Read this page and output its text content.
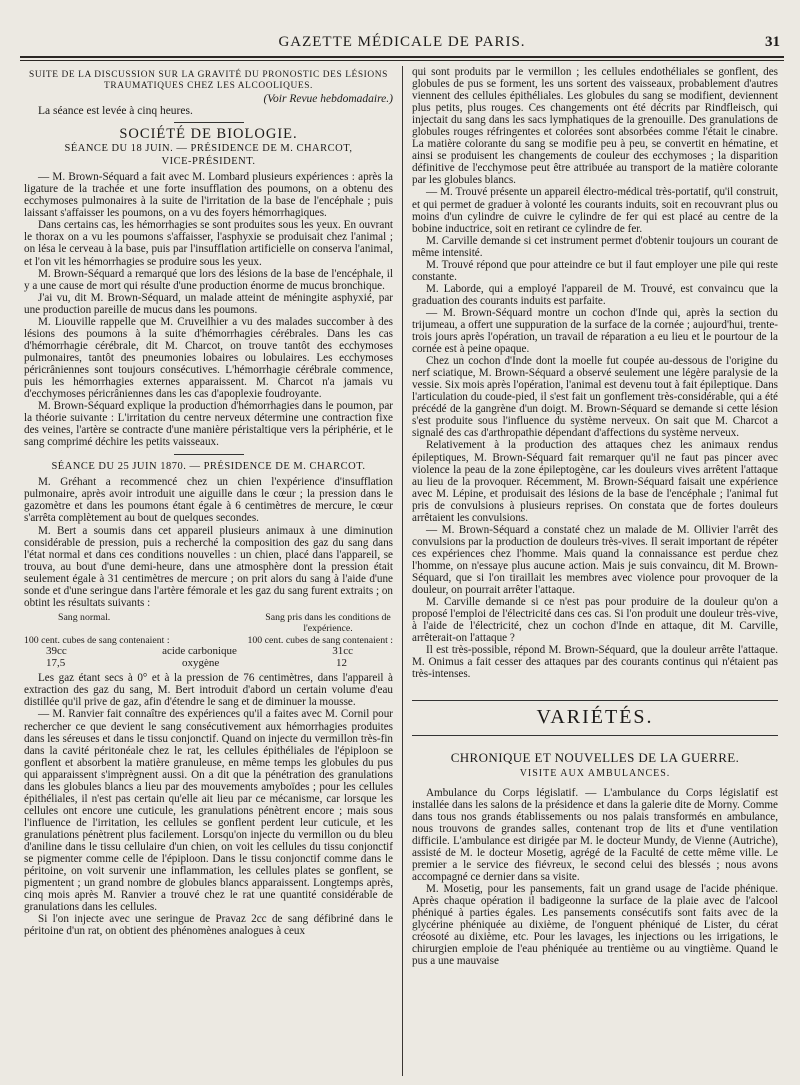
GAZETTE MÉDICALE DE PARIS.	31

SUITE DE LA DISCUSSION SUR LA GRAVITÉ DU PRONOSTIC DES LÉSIONS

TRAUMATIQUES CHEZ LES ALCOOLIQUES.

(Voir Revue hebdomadaire.)

La séance est levée à cinq heures.

SOCIÉTÉ DE BIOLOGIE.

SÉANCE DU 18 JUIN. — PRÉSIDENCE DE M. CHARCOT,

VICE-PRÉSIDENT.

— M. Brown-Séquard a fait avec M. Lombard plusieurs expériences : après la ligature de la trachée et une forte insufflation des poumons, on a obtenu des ecchymoses pulmonaires à la suite de l'irritation de la base de l'encéphale ; puis laissant s'affaisser les poumons, on a vu des foyers hémorrhagiques.

Dans certains cas, les hémorrhagies se sont produites sous les yeux. En ouvrant le thorax on a vu les poumons s'affaisser, l'asphyxie se produisait chez l'animal ; on lésa le cerveau à la base, puis par l'insufflation artificielle on conserva l'animal, et l'on vit les hémorrhagies se produire sous les yeux.

M. Brown-Séquard a remarqué que lors des lésions de la base de l'encéphale, il y a une cause de mort qui résulte d'une production énorme de mucus bronchique.

J'ai vu, dit M. Brown-Séquard, un malade atteint de méningite asphyxié, par une production pareille de mucus dans les poumons.

M. Liouville rappelle que M. Cruveilhier a vu des malades succomber à des lésions des poumons à la suite d'hémorrhagies cérébrales. Dans les cas d'hémorrhagie cérébrale, dit M. Charcot, on trouve tantôt des ecchymoses pulmonaires, tantôt des pneumonies lobaires ou lobulaires. Les ecchymoses péricrâniennes sont toujours consécutives. L'hémorrhagie cérébrale commence, puis les hémorrhagies externes apparaissent. M. Charcot n'a jamais vu d'ecchymoses péricrâniennes dans les cas d'apoplexie foudroyante.

M. Brown-Séquard explique la production d'hémorrhagies dans le poumon, par la théorie suivante : L'irritation du centre nerveux détermine une contraction fixe des veines, l'artère se contracte d'une manière péristaltique vers la périphérie, et le sang comprimé déchire les petits vaisseaux.

SÉANCE DU 25 JUIN 1870. — PRÉSIDENCE DE M. CHARCOT.

M. Gréhant a recommencé chez un chien l'expérience d'insufflation pulmonaire, après avoir introduit une aiguille dans le cœur ; la pression dans le gazomètre et dans les poumons étant égale à 6 centimètres de mercure, le cœur s'arrêta complètement au bout de quelques secondes.

M. Bert a soumis dans cet appareil plusieurs animaux à une diminution considérable de pression, puis a recherché la composition des gaz du sang dans l'état normal et dans ces conditions nouvelles : un chien, placé dans l'appareil, se trouva, au bout d'une demi-heure, dans une atmosphère dont la pression était seulement égale à 31 centimètres de mercure ; on prit alors du sang à l'aide d'une sonde et d'une seringue dans l'artère fémorale et les gaz du sang furent extraits ; on obtint les résultats suivants :

Sang normal.	Sang pris dans les conditions de l'expérience.
100 cent. cubes de sang contenaient :	100 cent. cubes de sang contenaient :
39cc	acide carbonique	31cc
17,5	oxygène	12

Les gaz étant secs à 0° et à la pression de 76 centimètres, dans l'appareil à extraction des gaz du sang, M. Bert introduit d'abord un certain volume d'eau distillée qu'il prive de gaz, afin d'étendre le sang et de diminuer la mousse.

— M. Ranvier fait connaître des expériences qu'il a faites avec M. Cornil pour rechercher ce que devient le sang consécutivement aux hémorrhagies produites dans les séreuses et dans le tissu conjonctif. Quand on injecte du vermillon très-fin dans la cavité péritonéale chez le rat, les cellules épithéliales de l'épiploon se gonflent et absorbent la matière granuleuse, en même temps les globules du pus qui apparaissent s'imprègnent aussi. On a dit que la pénétration des granulations dans les globules blancs a lieu par des mouvements amyboïdes ; pour les cellules épithéliales, il n'est pas certain qu'elle ait lieu par ce mécanisme, car lorsque les cellules ont encore une cuticule, les granulations pénètrent encore ; mais sous l'influence de l'irritation, les cellules se gonflent perdent leur cuticule, et les granulations pénètrent plus facilement. Lorsqu'on injecte du vermillon ou du bleu d'aniline dans le tissu cellulaire d'un chien, on voit les cellules du tissu conjonctif se pigmenter comme celle de l'épiploon. Dans le tissu conjonctif comme dans le péritoine, on voit survenir une inflammation, les cellules plates se gonflent, se pigmentent ; un grand nombre de globules blancs apparaissent. Longtemps après, cinq mois après M. Ranvier a trouvé chez le rat une quantité considérable de granulations dans les cellules.

Si l'on injecte avec une seringue de Pravaz 2cc de sang défibriné dans le péritoine d'un rat, on obtient des phénomènes analogues à ceux

qui sont produits par le vermillon ; les cellules endothéliales se gonflent, des globules de pus se forment, les uns sortent des vaisseaux, probablement d'autres viennent des cellules épithéliales. Les globules du sang se modifient, deviennent plus petits, plus rouges. Ces changements ont été décrits par Rindfleisch, qui injectait du sang dans les sacs lymphatiques de la grenouille. Des granulations de globules rouges réfringentes et colorées sont absorbées comme l'était le cinabre. La matière colorante du sang se modifie peu à peu, se convertit en hématine, et ainsi se produisent les changements de couleur des ecchymoses ; la disparition définitive de l'ecchymose peut être attribuée au transport de la matière colorante par les globules blancs.

— M. Trouvé présente un appareil électro-médical très-portatif, qu'il construit, et qui permet de graduer à volonté les courants induits, soit en recouvrant plus ou moins d'un cylindre de cuivre le cylindre de fer qui est placé au centre de la bobine inductrice, soit en retirant ce cylindre de fer.

M. Carville demande si cet instrument permet d'obtenir toujours un courant de même intensité.

M. Trouvé répond que pour atteindre ce but il faut employer une pile qui reste constante.

M. Laborde, qui a employé l'appareil de M. Trouvé, est convaincu que la graduation des courants induits est parfaite.

— M. Brown-Séquard montre un cochon d'Inde qui, après la section du trijumeau, a offert une suppuration de la surface de la cornée ; aujourd'hui, trente-trois jours après l'opération, un travail de réparation a eu lieu et le pourtour de la cornée est à peine opaque.

Chez un cochon d'Inde dont la moelle fut coupée au-dessous de l'origine du nerf sciatique, M. Brown-Séquard a observé seulement une légère paralysie de la vessie. Six mois après l'opération, l'animal est devenu tout à fait épileptique. Dans l'articulation du coude-pied, il s'est fait un gonflement très-considérable, qui a été précédé de la gangrène d'un doigt. M. Brown-Séquard se demande si cette lésion s'est produite sous l'influence du système nerveux. On sait que M. Charcot a signalé des cas d'arthropathie dépendant d'affections du système nerveux.

Relativement à la production des attaques chez les animaux rendus épileptiques, M. Brown-Séquard fait remarquer qu'il ne faut pas pincer avec violence la peau de la zone épileptogène, car les douleurs vives arrêtent l'attaque au lieu de la provoquer. Récemment, M. Brown-Séquard faisait une expérience avec M. Lépine, et produisait des lésions de la base de l'encéphale ; l'animal fut pris de convulsions à plusieurs reprises. On constata que de fortes douleurs arrêtaient les convulsions.

— M. Brown-Séquard a constaté chez un malade de M. Ollivier l'arrêt des convulsions par la production de douleurs très-vives. Il serait important de répéter ces expériences chez l'homme. Mais quand la connaissance est perdue chez l'homme, on n'essaye plus aucune action. Mais je suis convaincu, dit M. Brown-Séquard, que si l'on tiraillait les membres avec violence pour provoquer de la douleur, on pourrait arrêter l'attaque.

M. Carville demande si ce n'est pas pour produire de la douleur qu'on a proposé l'emploi de l'électricité dans ces cas. Si l'on produit une douleur très-vive, à l'aide de l'électricité, chez un cochon d'Inde en attaque, dit M. Carville, arrêterait-on l'attaque ?

Il est très-possible, répond M. Brown-Séquard, que la douleur arrête l'attaque. M. Onimus a fait cesser des attaques par des courants continus qui n'étaient pas très-intenses.

VARIÉTÉS.
CHRONIQUE ET NOUVELLES DE LA GUERRE.
VISITE AUX AMBULANCES.

Ambulance du Corps législatif. — L'ambulance du Corps législatif est installée dans les salons de la présidence et dans la galerie dite de Morny. Comme dans tous nos grands établissements ou nos palais transformés en ambulance, nous trouvons de grandes salles, contenant trop de lits et d'une ventilation difficile. L'ambulance est dirigée par M. le docteur Mundy, de Vienne (Autriche), assisté de M. le docteur Mosetig, agrégé de la Faculté de cette même ville. Le premier a le service des fiévreux, le second celui des blessés ; nous avons accompagné ce dernier dans sa visite.

M. Mosetig, pour les pansements, fait un grand usage de l'acide phénique. Après chaque opération il badigeonne la surface de la plaie avec de l'alcool phéniqué à parties égales. Les pansements consécutifs sont faits avec de la glycérine phéniquée au dixième, de l'onguent phéniqué de Lister, du cérat créosoté au dixième, etc. Pour les lavages, les injections ou les irrigations, le chirurgien emploie de l'eau phéniquée au trentième ou au vingtième. Quand le pus a une mauvaise
